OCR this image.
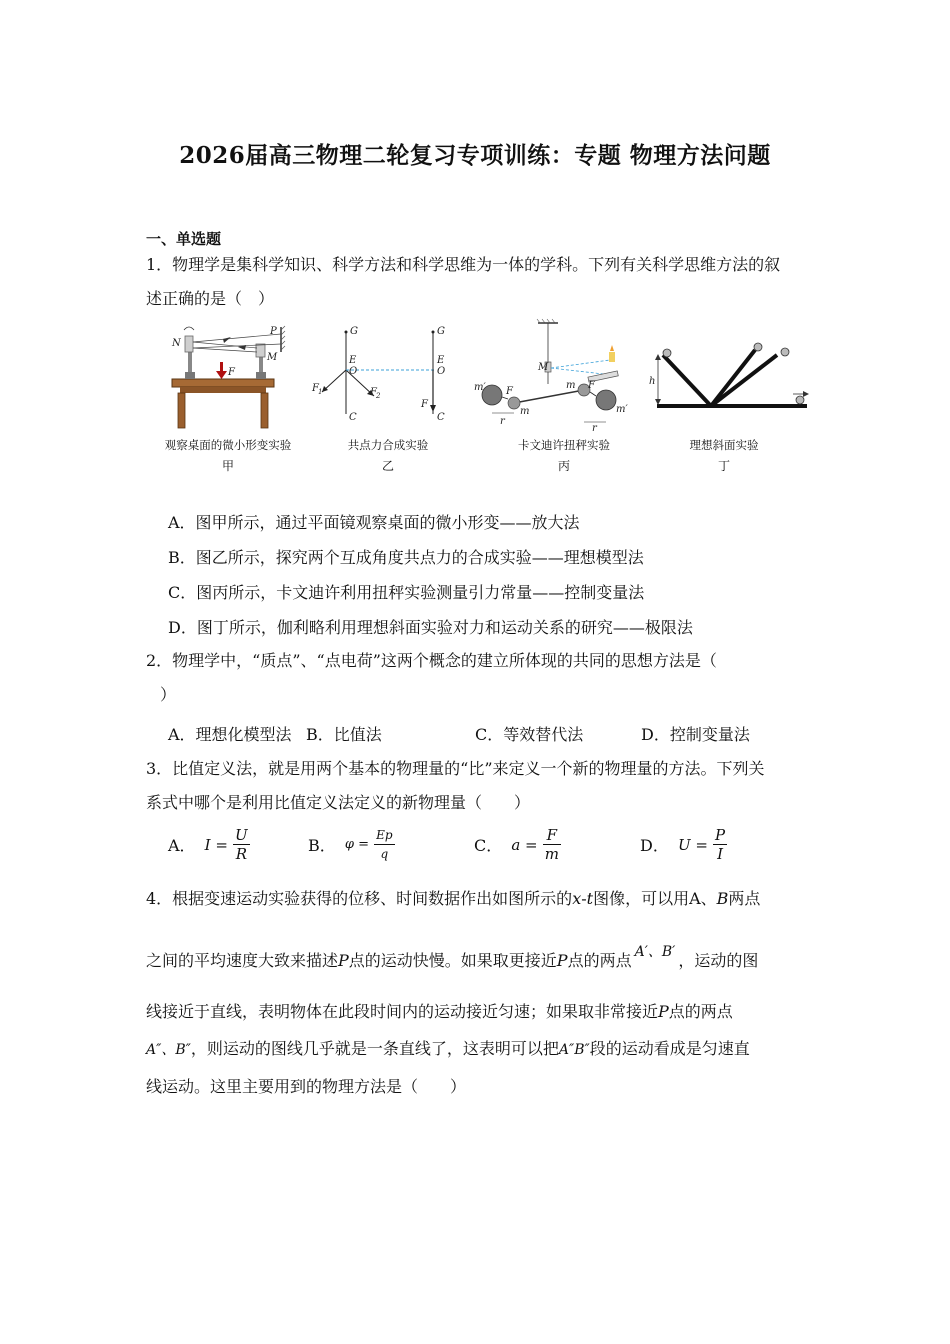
2026届高三物理二轮复习专项训练：专题 物理方法问题
一、单选题
1．物理学是集科学知识、科学方法和科学思维为一体的学科。下列有关科学思维方法的叙
述正确的是（　）
N
P
M
F
观察桌面的微小形变实验
甲
G
E
O
F 1	F 2
C
G
E
O
F
C
共点力合成实验
乙
m′ F
m
r
M
m F
m′
r
卡文迪许扭秤实验
丙
h
理想斜面实验
丁
A．图甲所示，通过平面镜观察桌面的微小形变——放大法
B．图乙所示，探究两个互成角度共点力的合成实验——理想模型法
C．图丙所示，卡文迪许利用扭秤实验测量引力常量——控制变量法
D．图丁所示，伽利略利用理想斜面实验对力和运动关系的研究——极限法
2．物理学中，“质点”、“点电荷”这两个概念的建立所体现的共同的思想方法是（
）
A．理想化模型法 B．比值法	C．等效替代法	D．控制变量法
3．比值定义法，就是用两个基本的物理量的“比”来定义一个新的物理量的方法。下列关
系式中哪个是利用比值定义法定义的新物理量（　　）
A． $I = \frac{U}{R}$	B． $\varphi = \frac{Ep}{q}$	C． $a = \frac{F}{m}$	D． $U = \frac{P}{I}$
4．根据变速运动实验获得的位移、时间数据作出如图所示的x-t图像，可以用A、B两点
之间的平均速度大致来描述P点的运动快慢。如果取更接近P点的两点 A′、B′ ，运动的图
线接近于直线，表明物体在此段时间内的运动接近匀速；如果取非常接近P点的两点
A″、B″，则运动的图线几乎就是一条直线了，这表明可以把A″B″段的运动看成是匀速直
线运动。这里主要用到的物理方法是（　　）
